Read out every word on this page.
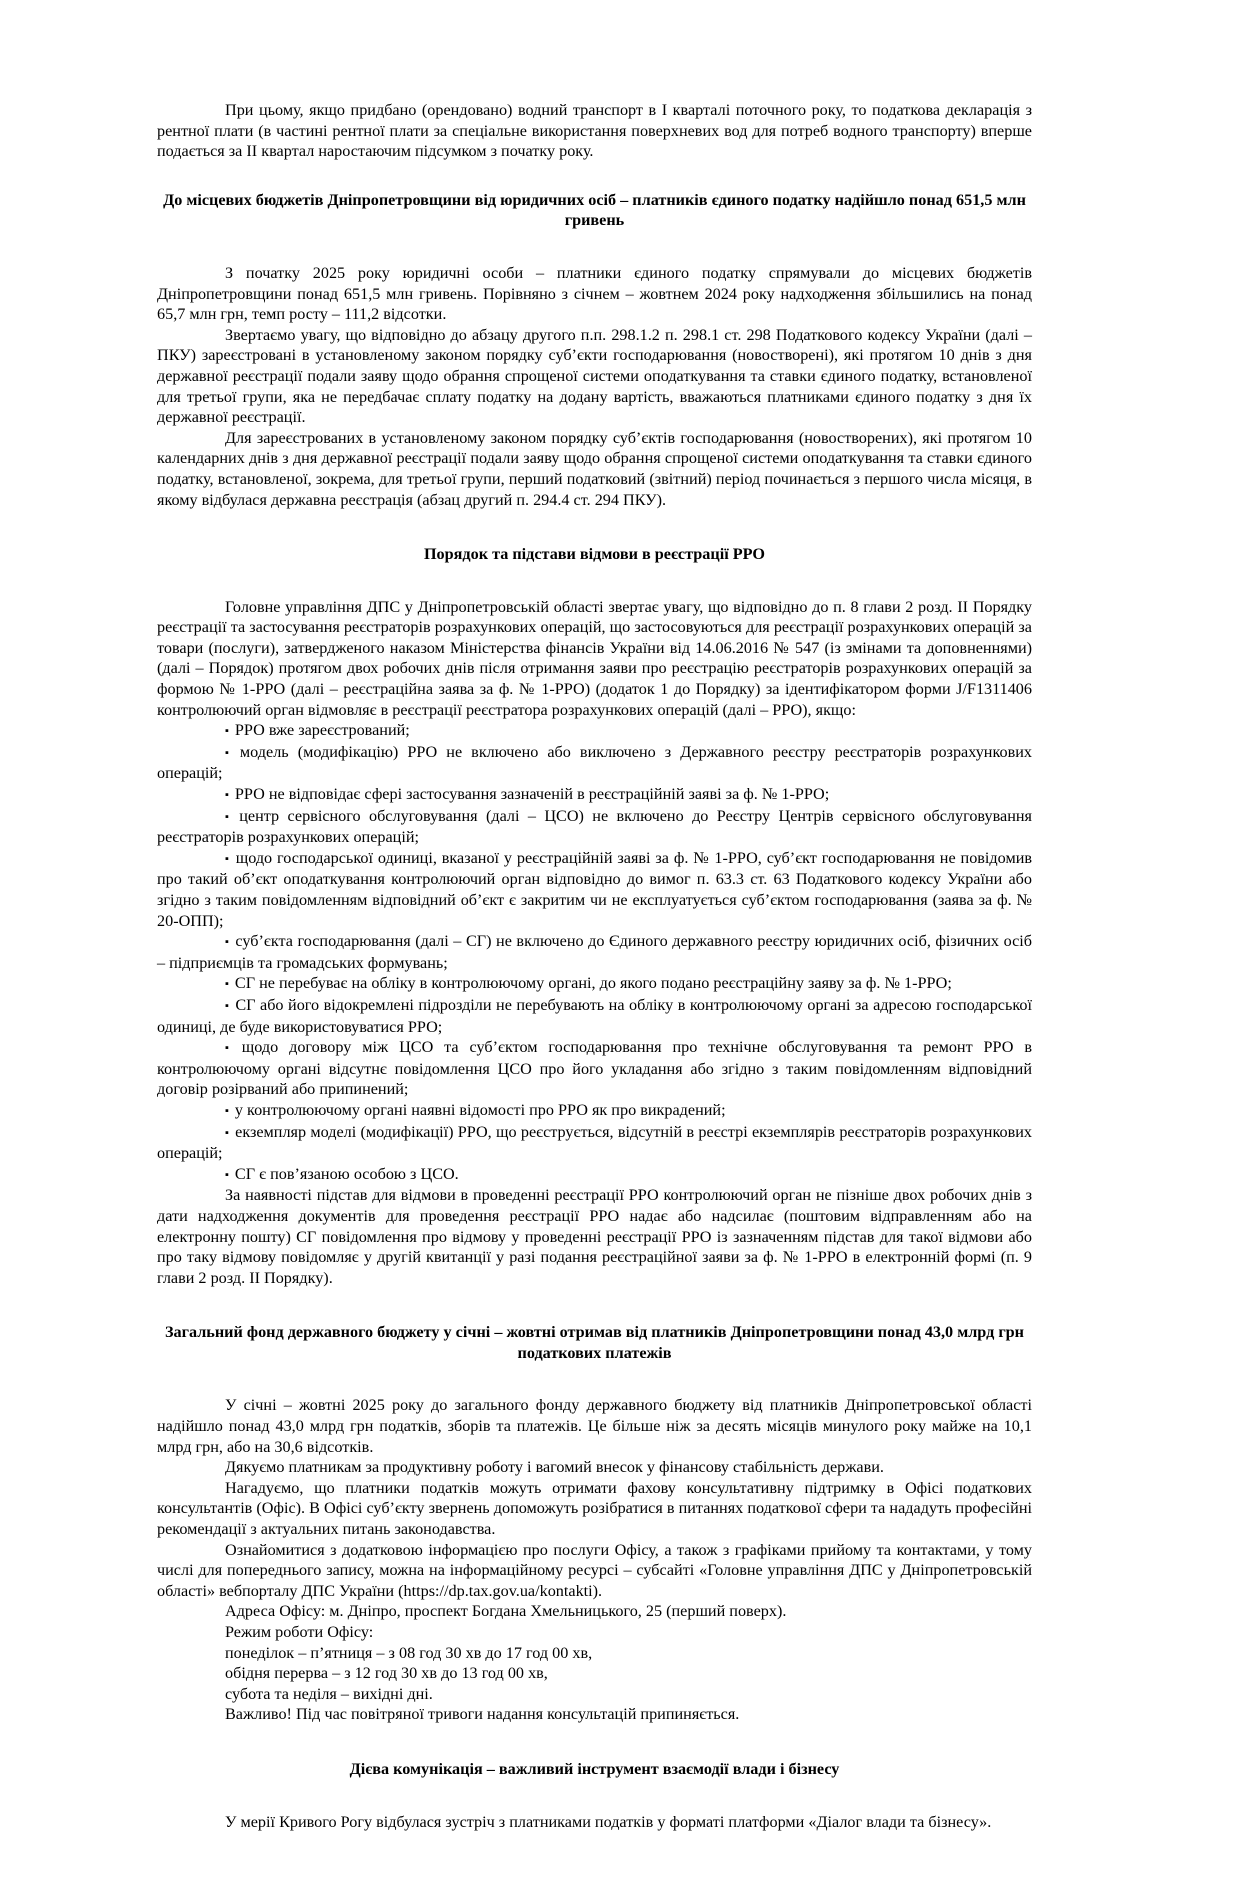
При цьому, якщо придбано (орендовано) водний транспорт в І кварталі поточного року, то податкова декларація з рентної плати (в частині рентної плати за спеціальне використання поверхневих вод для потреб водного транспорту) вперше подається за ІІ квартал наростаючим підсумком з початку року.

До місцевих бюджетів Дніпропетровщини від юридичних осіб – платників єдиного податку надійшло понад 651,5 млн гривень

З початку 2025 року юридичні особи – платники єдиного податку спрямували до місцевих бюджетів Дніпропетровщини понад 651,5 млн гривень. Порівняно з січнем – жовтнем 2024 року надходження збільшились на понад 65,7 млн грн, темп росту – 111,2 відсотки.

Звертаємо увагу, що відповідно до абзацу другого п.п. 298.1.2 п. 298.1 ст. 298 Податкового кодексу України (далі – ПКУ) зареєстровані в установленому законом порядку суб’єкти господарювання (новостворені), які протягом 10 днів з дня державної реєстрації подали заяву щодо обрання спрощеної системи оподаткування та ставки єдиного податку, встановленої для третьої групи, яка не передбачає сплату податку на додану вартість, вважаються платниками єдиного податку з дня їх державної реєстрації.

Для зареєстрованих в установленому законом порядку суб’єктів господарювання (новостворених), які протягом 10 календарних днів з дня державної реєстрації подали заяву щодо обрання спрощеної системи оподаткування та ставки єдиного податку, встановленої, зокрема, для третьої групи, перший податковий (звітний) період починається з першого числа місяця, в якому відбулася державна реєстрація (абзац другий п. 294.4 ст. 294 ПКУ).

Порядок та підстави відмови в реєстрації РРО

Головне управління ДПС у Дніпропетровській області звертає увагу, що відповідно до п. 8 глави 2 розд. ІІ Порядку реєстрації та застосування реєстраторів розрахункових операцій, що застосовуються для реєстрації розрахункових операцій за товари (послуги), затвердженого наказом Міністерства фінансів України від 14.06.2016 № 547 (із змінами та доповненнями) (далі – Порядок) протягом двох робочих днів після отримання заяви про реєстрацію реєстраторів розрахункових операцій за формою № 1-РРО (далі – реєстраційна заява за ф. № 1-РРО) (додаток 1 до Порядку) за ідентифікатором форми J/F1311406 контролюючий орган відмовляє в реєстрації реєстратора розрахункових операцій (далі – РРО), якщо:

▪ РРО вже зареєстрований;

▪ модель (модифікацію) РРО не включено або виключено з Державного реєстру реєстраторів розрахункових операцій;

▪ РРО не відповідає сфері застосування зазначеній в реєстраційній заяві за ф. № 1-РРО;

▪ центр сервісного обслуговування (далі – ЦСО) не включено до Реєстру Центрів сервісного обслуговування реєстраторів розрахункових операцій;

▪ щодо господарської одиниці, вказаної у реєстраційній заяві за ф. № 1-РРО, суб’єкт господарювання не повідомив про такий об’єкт оподаткування контролюючий орган відповідно до вимог п. 63.3 ст. 63 Податкового кодексу України або згідно з таким повідомленням відповідний об’єкт є закритим чи не експлуатується суб’єктом господарювання (заява за ф. № 20-ОПП);

▪ суб’єкта господарювання (далі – СГ) не включено до Єдиного державного реєстру юридичних осіб, фізичних осіб – підприємців та громадських формувань;

▪ СГ не перебуває на обліку в контролюючому органі, до якого подано реєстраційну заяву за ф. № 1-РРО;

▪ СГ або його відокремлені підрозділи не перебувають на обліку в контролюючому органі за адресою господарської одиниці, де буде використовуватися РРО;

▪ щодо договору між ЦСО та суб’єктом господарювання про технічне обслуговування та ремонт РРО в контролюючому органі відсутнє повідомлення ЦСО про його укладання або згідно з таким повідомленням відповідний договір розірваний або припинений;

▪ у контролюючому органі наявні відомості про РРО як про викрадений;

▪ екземпляр моделі (модифікації) РРО, що реєструється, відсутній в реєстрі екземплярів реєстраторів розрахункових операцій;

▪ СГ є пов’язаною особою з ЦСО.

За наявності підстав для відмови в проведенні реєстрації РРО контролюючий орган не пізніше двох робочих днів з дати надходження документів для проведення реєстрації РРО надає або надсилає (поштовим відправленням або на електронну пошту) СГ повідомлення про відмову у проведенні реєстрації РРО із зазначенням підстав для такої відмови або про таку відмову повідомляє у другій квитанції у разі подання реєстраційної заяви за ф. № 1-РРО в електронній формі (п. 9 глави 2 розд. ІІ Порядку).

Загальний фонд державного бюджету у січні – жовтні отримав від платників Дніпропетровщини понад 43,0 млрд грн податкових платежів

У січні – жовтні 2025 року до загального фонду державного бюджету від платників Дніпропетровської області надійшло понад 43,0 млрд грн податків, зборів та платежів. Це більше ніж за десять місяців минулого року майже на 10,1 млрд грн, або на 30,6 відсотків.

Дякуємо платникам за продуктивну роботу і вагомий внесок у фінансову стабільність держави.

Нагадуємо, що платники податків можуть отримати фахову консультативну підтримку в Офісі податкових консультантів (Офіс). В Офісі суб’єкту звернень допоможуть розібратися в питаннях податкової сфери та нададуть професійні рекомендації з актуальних питань законодавства.

Ознайомитися з додатковою інформацією про послуги Офісу, а також з графіками прийому та контактами, у тому числі для попереднього запису, можна на інформаційному ресурсі – субсайті «Головне управління ДПС у Дніпропетровській області» вебпорталу ДПС України (https://dp.tax.gov.ua/kontakti).

Адреса Офісу: м. Дніпро, проспект Богдана Хмельницького, 25 (перший поверх).

Режим роботи Офісу:

понеділок – п’ятниця – з 08 год 30 хв до 17 год 00 хв,

обідня перерва – з 12 год 30 хв до 13 год 00 хв,

субота та неділя – вихідні дні.

Важливо! Під час повітряної тривоги надання консультацій припиняється.

Дієва комунікація – важливий інструмент взаємодії влади і бізнесу

У мерії Кривого Рогу відбулася зустріч з платниками податків у форматі платформи «Діалог влади та бізнесу».
